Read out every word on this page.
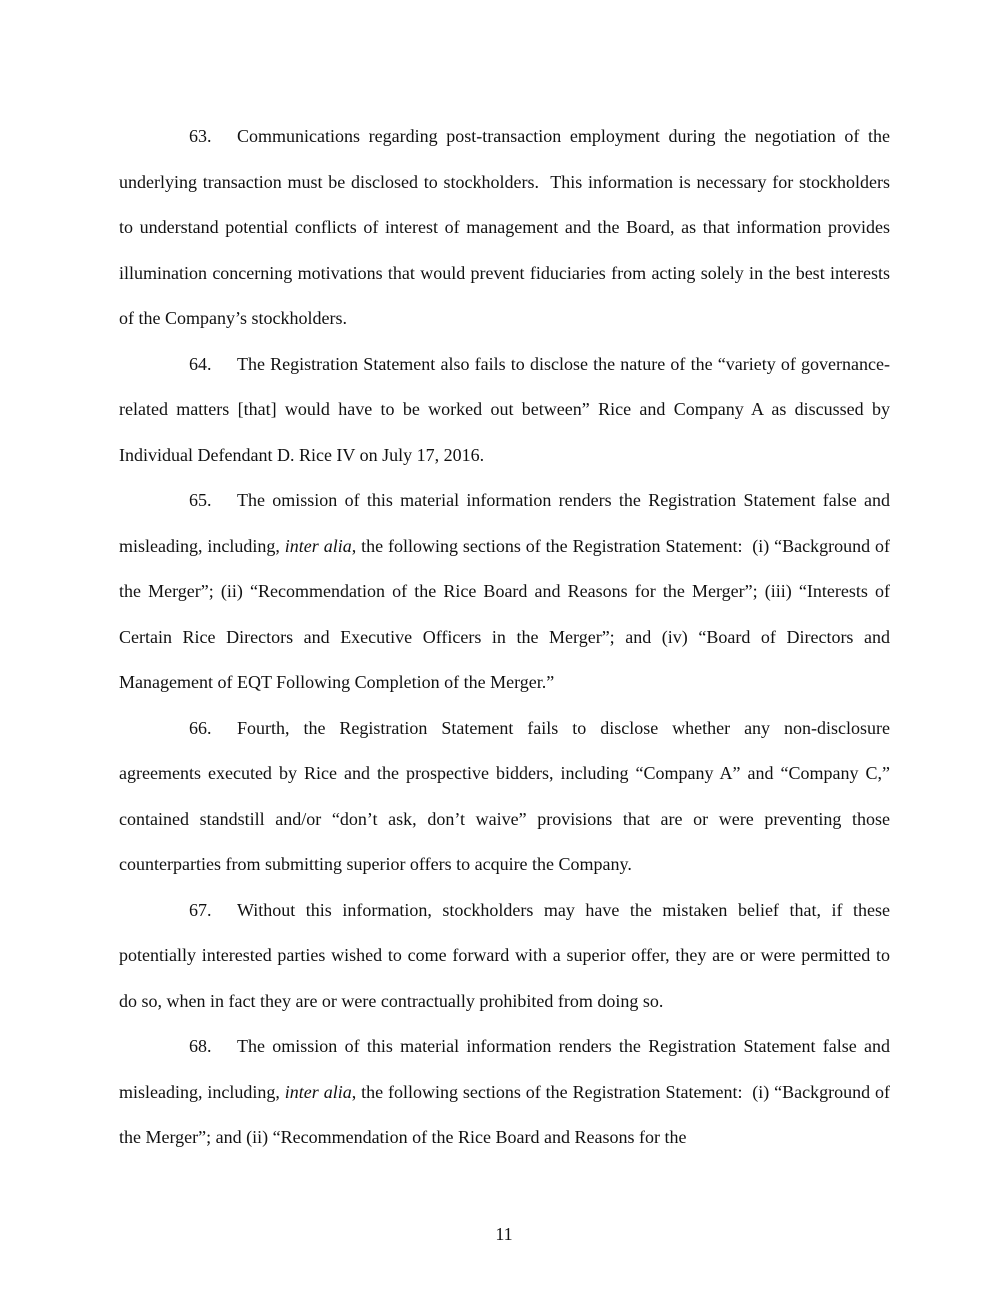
63. Communications regarding post-transaction employment during the negotiation of the underlying transaction must be disclosed to stockholders.  This information is necessary for stockholders to understand potential conflicts of interest of management and the Board, as that information provides illumination concerning motivations that would prevent fiduciaries from acting solely in the best interests of the Company’s stockholders.

64. The Registration Statement also fails to disclose the nature of the “variety of governance-related matters [that] would have to be worked out between” Rice and Company A as discussed by Individual Defendant D. Rice IV on July 17, 2016.

65. The omission of this material information renders the Registration Statement false and misleading, including, inter alia, the following sections of the Registration Statement:  (i) “Background of the Merger”; (ii) “Recommendation of the Rice Board and Reasons for the Merger”; (iii) “Interests of Certain Rice Directors and Executive Officers in the Merger”; and (iv) “Board of Directors and Management of EQT Following Completion of the Merger.”

66. Fourth, the Registration Statement fails to disclose whether any non-disclosure agreements executed by Rice and the prospective bidders, including “Company A” and “Company C,” contained standstill and/or “don’t ask, don’t waive” provisions that are or were preventing those counterparties from submitting superior offers to acquire the Company.

67. Without this information, stockholders may have the mistaken belief that, if these potentially interested parties wished to come forward with a superior offer, they are or were permitted to do so, when in fact they are or were contractually prohibited from doing so.

68. The omission of this material information renders the Registration Statement false and misleading, including, inter alia, the following sections of the Registration Statement:  (i) “Background of the Merger”; and (ii) “Recommendation of the Rice Board and Reasons for the

11
